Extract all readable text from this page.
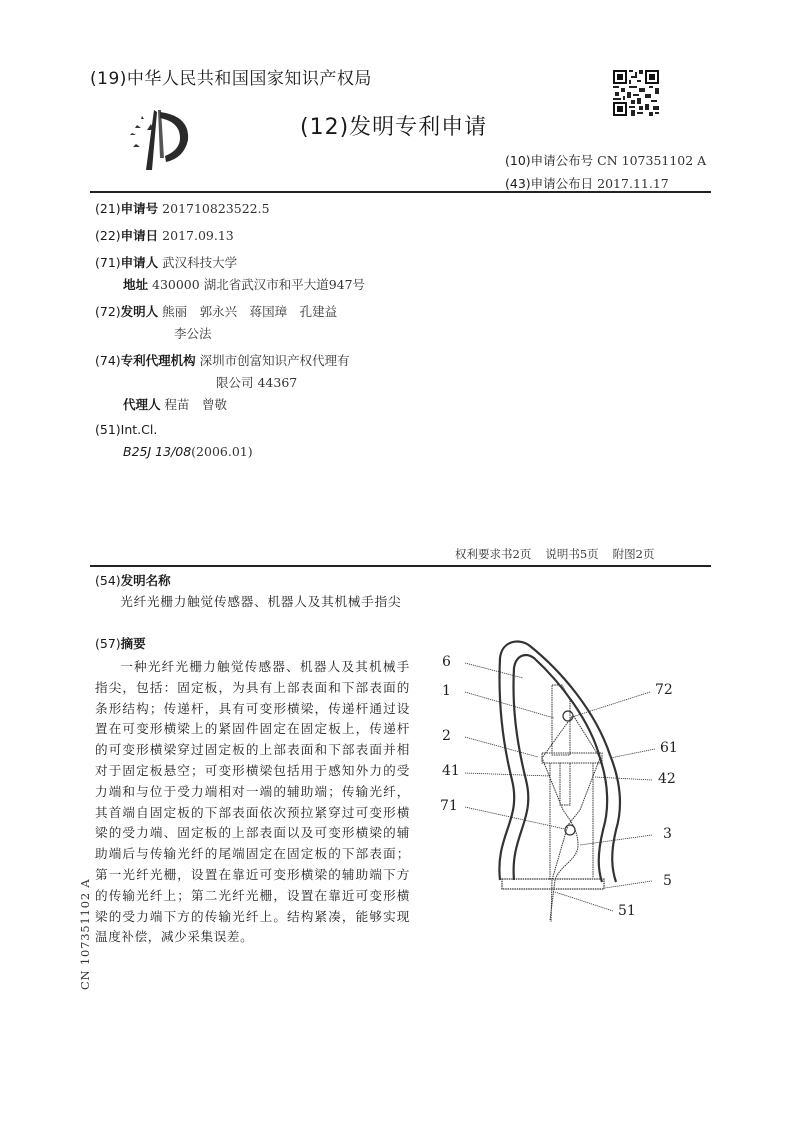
(19)中华人民共和国国家知识产权局
(12)发明专利申请
(10)申请公布号 CN 107351102 A
(43)申请公布日 2017.11.17
(21)申请号 201710823522.5
(22)申请日 2017.09.13
(71)申请人 武汉科技大学
地址 430000 湖北省武汉市和平大道947号
(72)发明人 熊丽　郭永兴　蒋国璋　孔建益
李公法
(74)专利代理机构 深圳市创富知识产权代理有
限公司 44367
代理人 程苗　曾敬
(51)Int.Cl.
B25J 13/08(2006.01)
权利要求书2页 说明书5页 附图2页
(54)发明名称
光纤光栅力触觉传感器、机器人及其机械手指尖
(57)摘要
一种光纤光栅力触觉传感器、机器人及其机械手指尖，包括：固定板，为具有上部表面和下部表面的条形结构；传递杆，具有可变形横梁，传递杆通过设置在可变形横梁上的紧固件固定在固定板上，传递杆的可变形横梁穿过固定板的上部表面和下部表面并相对于固定板悬空；可变形横梁包括用于感知外力的受力端和与位于受力端相对一端的辅助端；传输光纤，其首端自固定板的下部表面依次预拉紧穿过可变形横梁的受力端、固定板的上部表面以及可变形横梁的辅助端后与传输光纤的尾端固定在固定板的下部表面；第一光纤光栅，设置在靠近可变形横梁的辅助端下方的传输光纤上；第二光纤光栅，设置在靠近可变形横梁的受力端下方的传输光纤上。结构紧凑，能够实现温度补偿，减少采集误差。
CN 107351102 A
6
1	72
2
61
41	42
71
3
5
51
